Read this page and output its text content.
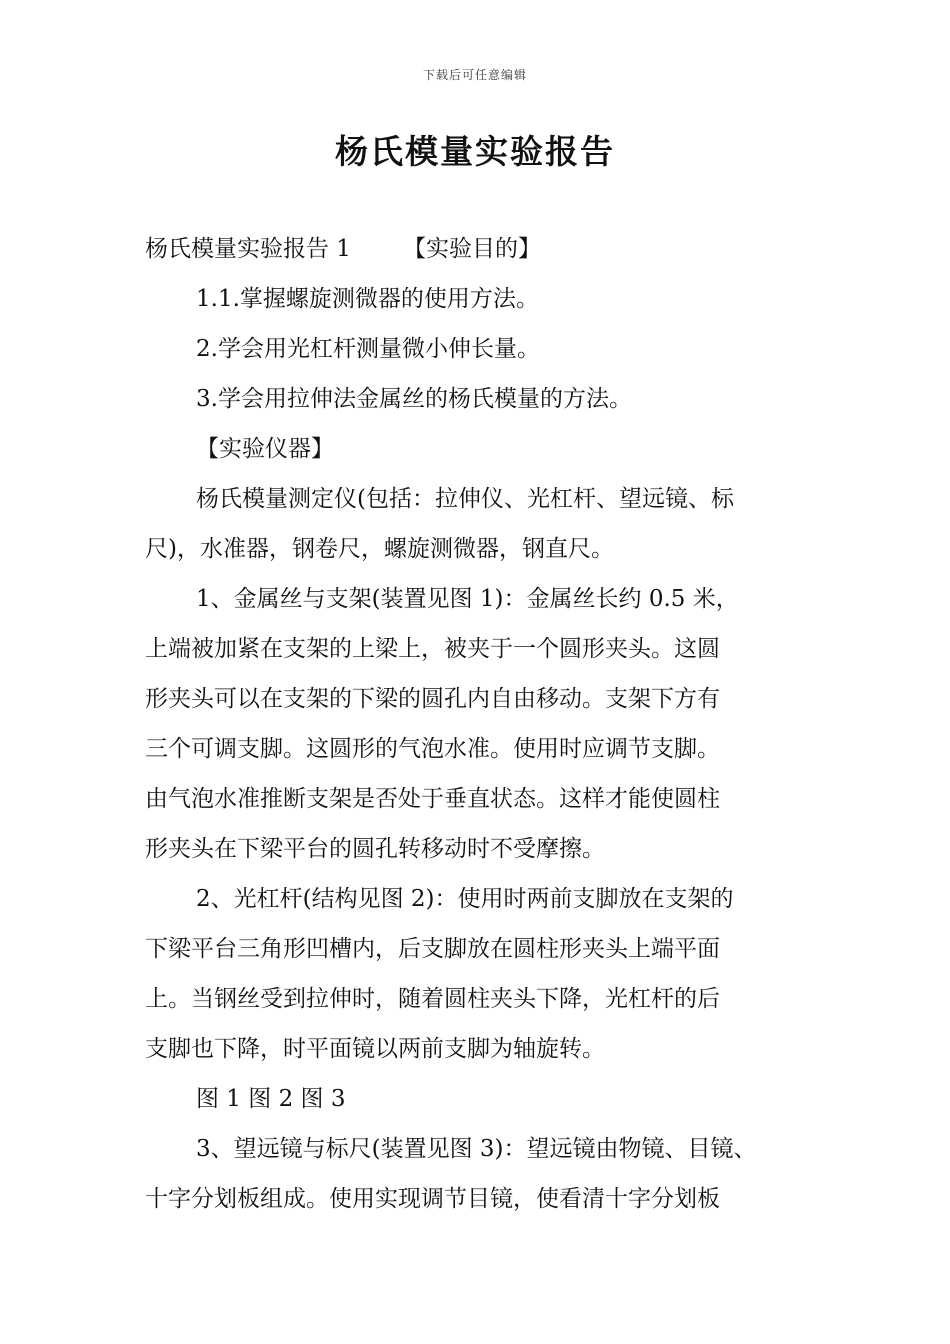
下载后可任意编辑
杨氏模量实验报告
杨氏模量实验报告 1 【实验目的】
1.1.掌握螺旋测微器的使用方法。
2.学会用光杠杆测量微小伸长量。
3.学会用拉伸法金属丝的杨氏模量的方法。
【实验仪器】
杨氏模量测定仪(包括：拉伸仪、光杠杆、望远镜、标
尺)，水准器，钢卷尺，螺旋测微器，钢直尺。
1、金属丝与支架(装置见图 1)：金属丝长约 0.5 米，
上端被加紧在支架的上梁上，被夹于一个圆形夹头。这圆
形夹头可以在支架的下梁的圆孔内自由移动。支架下方有
三个可调支脚。这圆形的气泡水准。使用时应调节支脚。
由气泡水准推断支架是否处于垂直状态。这样才能使圆柱
形夹头在下梁平台的圆孔转移动时不受摩擦。
2、光杠杆(结构见图 2)：使用时两前支脚放在支架的
下梁平台三角形凹槽内，后支脚放在圆柱形夹头上端平面
上。当钢丝受到拉伸时，随着圆柱夹头下降，光杠杆的后
支脚也下降，时平面镜以两前支脚为轴旋转。
图 1 图 2 图 3
3、望远镜与标尺(装置见图 3)：望远镜由物镜、目镜、
十字分划板组成。使用实现调节目镜，使看清十字分划板
